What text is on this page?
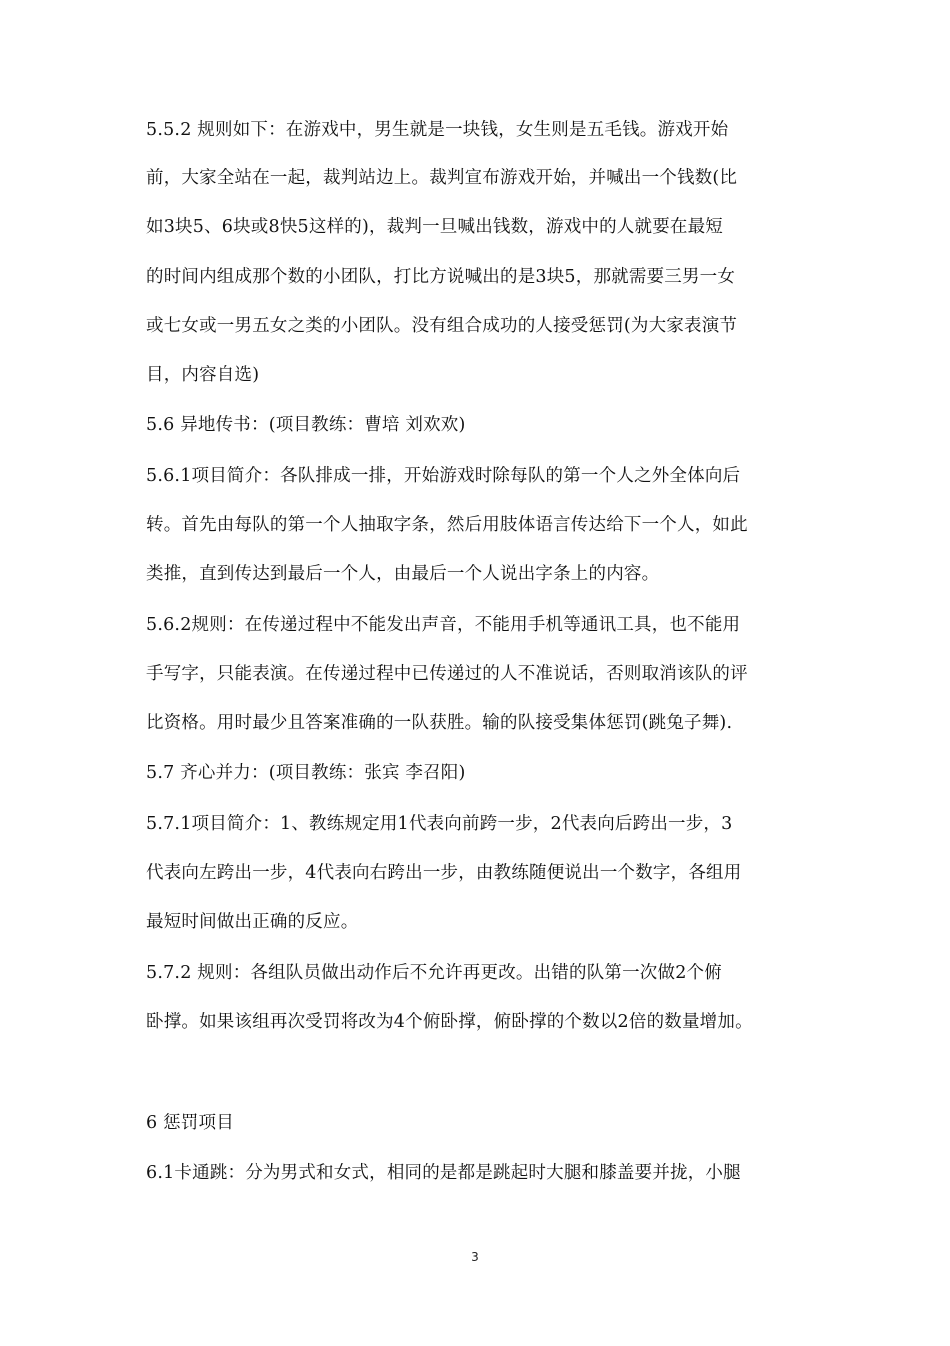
5.5.2 规则如下：在游戏中，男生就是一块钱，女生则是五毛钱。游戏开始
前，大家全站在一起，裁判站边上。裁判宣布游戏开始，并喊出一个钱数(比
如3块5、6块或8快5这样的)，裁判一旦喊出钱数，游戏中的人就要在最短
的时间内组成那个数的小团队，打比方说喊出的是3块5，那就需要三男一女
或七女或一男五女之类的小团队。没有组合成功的人接受惩罚(为大家表演节
目，内容自选)
5.6 异地传书：(项目教练：曹培 刘欢欢)
5.6.1项目简介：各队排成一排，开始游戏时除每队的第一个人之外全体向后
转。首先由每队的第一个人抽取字条，然后用肢体语言传达给下一个人，如此
类推，直到传达到最后一个人，由最后一个人说出字条上的内容。
5.6.2规则：在传递过程中不能发出声音，不能用手机等通讯工具，也不能用
手写字，只能表演。在传递过程中已传递过的人不准说话，否则取消该队的评
比资格。用时最少且答案准确的一队获胜。输的队接受集体惩罚(跳兔子舞).
5.7 齐心并力：(项目教练：张宾 李召阳)
5.7.1项目简介：1、教练规定用1代表向前跨一步，2代表向后跨出一步，3
代表向左跨出一步，4代表向右跨出一步，由教练随便说出一个数字，各组用
最短时间做出正确的反应。
5.7.2 规则：各组队员做出动作后不允许再更改。出错的队第一次做2个俯
卧撑。如果该组再次受罚将改为4个俯卧撑，俯卧撑的个数以2倍的数量增加。
6 惩罚项目
6.1卡通跳：分为男式和女式，相同的是都是跳起时大腿和膝盖要并拢，小腿
3
